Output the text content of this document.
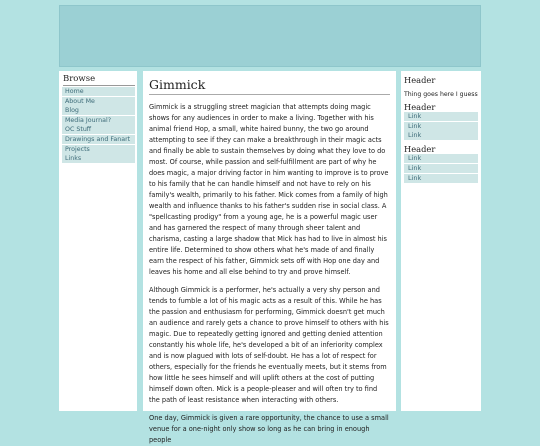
Browse
Home
About Me
Blog
Media Journal?
OC Stuff
Drawings and Fanart
Projects
Links
Gimmick

Gimmick is a struggling street magician that attempts doing magic shows for any audiences in order to make a living. Together with his animal friend Hop, a small, white haired bunny, the two go around attempting to see if they can make a breakthrough in their magic acts and finally be able to sustain themselves by doing what they love to do most. Of course, while passion and self-fulfillment are part of why he does magic, a major driving factor in him wanting to improve is to prove to his family that he can handle himself and not have to rely on his family's wealth, primarily to his father. Mick comes from a family of high wealth and influence thanks to his father's sudden rise in social class. A "spellcasting prodigy" from a young age, he is a powerful magic user and has garnered the respect of many through sheer talent and charisma, casting a large shadow that Mick has had to live in almost his entire life. Determined to show others what he's made of and finally earn the respect of his father, Gimmick sets off with Hop one day and leaves his home and all else behind to try and prove himself.

Although Gimmick is a performer, he's actually a very shy person and tends to fumble a lot of his magic acts as a result of this. While he has the passion and enthusiasm for performing, Gimmick doesn't get much an audience and rarely gets a chance to prove himself to others with his magic. Due to repeatedly getting ignored and getting denied attention constantly his whole life, he's developed a bit of an inferiority complex and is now plagued with lots of self-doubt. He has a lot of respect for others, especially for the friends he eventually meets, but it stems from how little he sees himself and will uplift others at the cost of putting himself down often. Mick is a people-pleaser and will often try to find the path of least resistance when interacting with others.

One day, Gimmick is given a rare opportunity, the chance to use a small venue for a one-night only show so long as he can bring in enough people

Header
Thing goes here I guess
Header
Link
Link
Link
Header
Link
Link
Link
